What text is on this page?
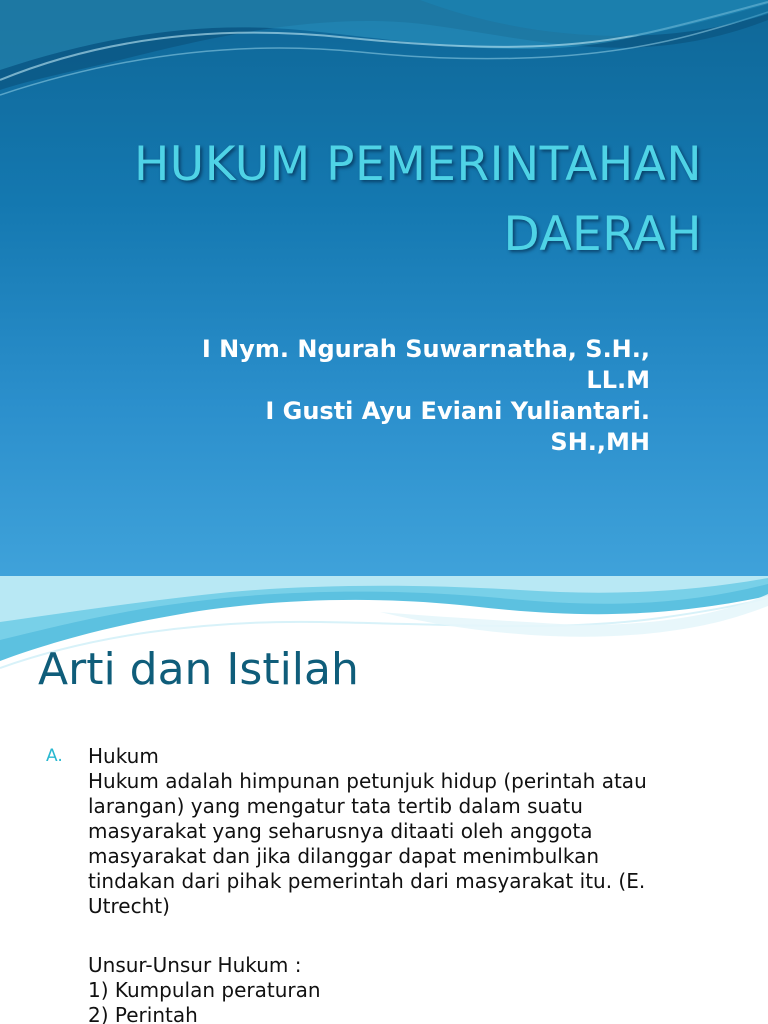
HUKUM PEMERINTAHAN
DAERAH
I Nym. Ngurah Suwarnatha, S.H.,
LL.M
I Gusti Ayu Eviani Yuliantari.
SH.,MH
Arti dan Istilah
A. Hukum
Hukum adalah himpunan petunjuk hidup (perintah atau
larangan) yang mengatur tata tertib dalam suatu
masyarakat yang seharusnya ditaati oleh anggota
masyarakat dan jika dilanggar dapat menimbulkan
tindakan dari pihak pemerintah dari masyarakat itu. (E.
Utrecht)
Unsur-Unsur Hukum :
1) Kumpulan peraturan
2) Perintah
